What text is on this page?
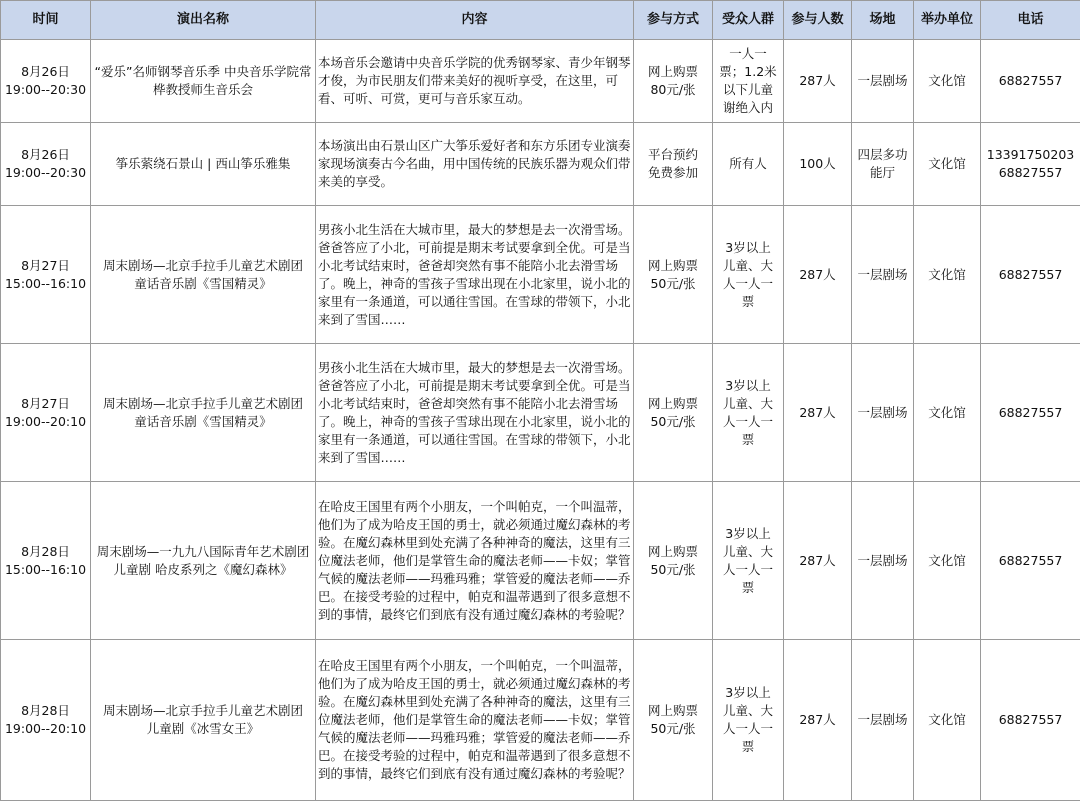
时间	演出名称	内容	参与方式	受众人群	参与人数	场地	举办单位	电话

8月26日
19:00--20:30	“爱乐”名师钢琴音乐季 中央音乐学院常桦教授师生音乐会	本场音乐会邀请中央音乐学院的优秀钢琴家、青少年钢琴才俊，为市民朋友们带来美好的视听享受，在这里，可看、可听、可赏，更可与音乐家互动。	网上购票
80元/张	一人一
票；1.2米
以下儿童
谢绝入内	287人	一层剧场	文化馆	68827557

8月26日
19:00--20:30	筝乐萦绕石景山 | 西山筝乐雅集	本场演出由石景山区广大筝乐爱好者和东方乐团专业演奏家现场演奏古今名曲，用中国传统的民族乐器为观众们带来美的享受。	平台预约
免费参加	所有人	100人	四层多功
能厅	文化馆	13391750203
68827557

8月27日
15:00--16:10	周末剧场—北京手拉手儿童艺术剧团
童话音乐剧《雪国精灵》	男孩小北生活在大城市里，最大的梦想是去一次滑雪场。爸爸答应了小北，可前提是期末考试要拿到全优。可是当小北考试结束时，爸爸却突然有事不能陪小北去滑雪场了。晚上，神奇的雪孩子雪球出现在小北家里，说小北的家里有一条通道，可以通往雪国。在雪球的带领下，小北来到了雪国……	网上购票
50元/张	3岁以上
儿童、大
人一人一
票	287人	一层剧场	文化馆	68827557

8月27日
19:00--20:10	周末剧场—北京手拉手儿童艺术剧团
童话音乐剧《雪国精灵》	男孩小北生活在大城市里，最大的梦想是去一次滑雪场。爸爸答应了小北，可前提是期末考试要拿到全优。可是当小北考试结束时，爸爸却突然有事不能陪小北去滑雪场了。晚上，神奇的雪孩子雪球出现在小北家里，说小北的家里有一条通道，可以通往雪国。在雪球的带领下，小北来到了雪国……	网上购票
50元/张	3岁以上
儿童、大
人一人一
票	287人	一层剧场	文化馆	68827557

8月28日
15:00--16:10	周末剧场—一九九八国际青年艺术剧团
儿童剧 哈皮系列之《魔幻森林》	在哈皮王国里有两个小朋友，一个叫帕克，一个叫温蒂，他们为了成为哈皮王国的勇士，就必须通过魔幻森林的考验。在魔幻森林里到处充满了各种神奇的魔法，这里有三位魔法老师，他们是掌管生命的魔法老师——卡奴；掌管气候的魔法老师——玛雅玛雅；掌管爱的魔法老师——乔巴。在接受考验的过程中，帕克和温蒂遇到了很多意想不到的事情，最终它们到底有没有通过魔幻森林的考验呢？	网上购票
50元/张	3岁以上
儿童、大
人一人一
票	287人	一层剧场	文化馆	68827557

8月28日
19:00--20:10	周末剧场—北京手拉手儿童艺术剧团
儿童剧《冰雪女王》	在哈皮王国里有两个小朋友，一个叫帕克，一个叫温蒂，他们为了成为哈皮王国的勇士，就必须通过魔幻森林的考验。在魔幻森林里到处充满了各种神奇的魔法，这里有三位魔法老师，他们是掌管生命的魔法老师——卡奴；掌管气候的魔法老师——玛雅玛雅；掌管爱的魔法老师——乔巴。在接受考验的过程中，帕克和温蒂遇到了很多意想不到的事情，最终它们到底有没有通过魔幻森林的考验呢？	网上购票
50元/张	3岁以上
儿童、大
人一人一
票	287人	一层剧场	文化馆	68827557
